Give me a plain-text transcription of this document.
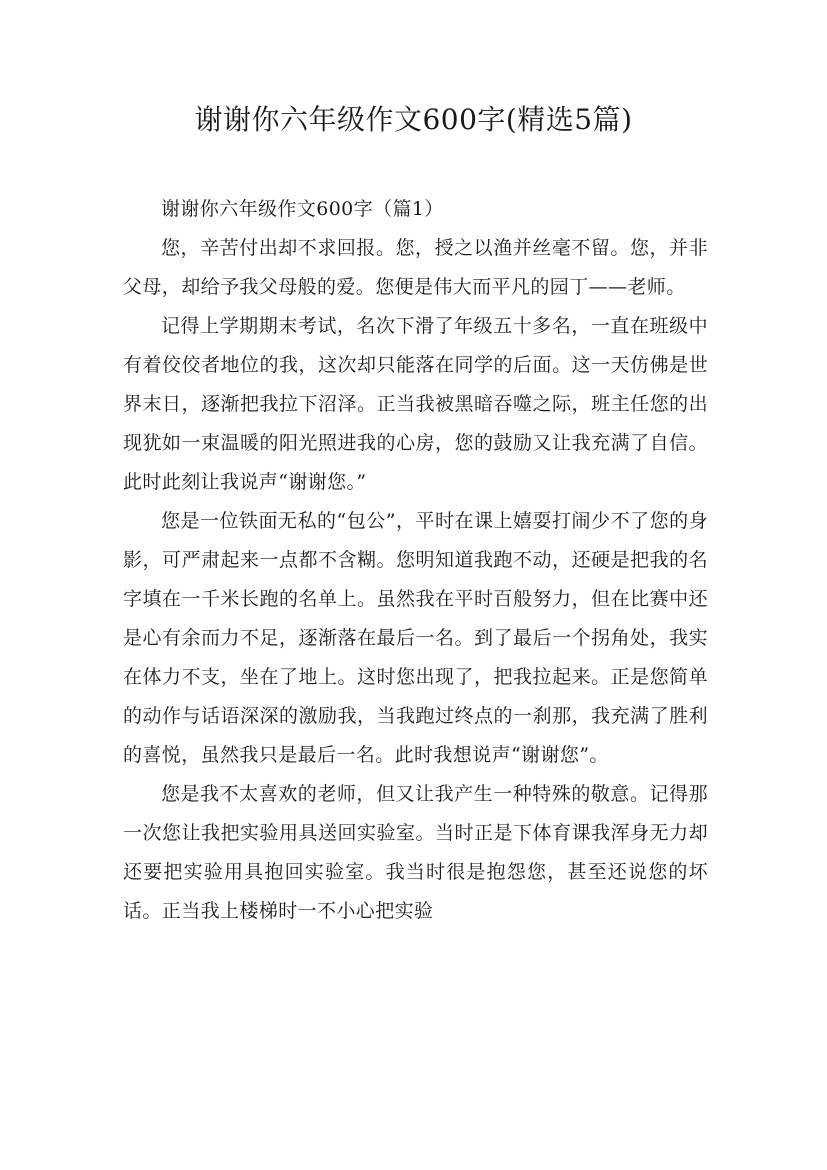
谢谢你六年级作文600字(精选5篇)

谢谢你六年级作文600字（篇1）

您，辛苦付出却不求回报。您，授之以渔并丝毫不留。您，并非父母，却给予我父母般的爱。您便是伟大而平凡的园丁——老师。

记得上学期期末考试，名次下滑了年级五十多名，一直在班级中有着佼佼者地位的我，这次却只能落在同学的后面。这一天仿佛是世界末日，逐渐把我拉下沼泽。正当我被黑暗吞噬之际，班主任您的出现犹如一束温暖的阳光照进我的心房，您的鼓励又让我充满了自信。此时此刻让我说声“谢谢您。”

您是一位铁面无私的“包公”，平时在课上嬉耍打闹少不了您的身影，可严肃起来一点都不含糊。您明知道我跑不动，还硬是把我的名字填在一千米长跑的名单上。虽然我在平时百般努力，但在比赛中还是心有余而力不足，逐渐落在最后一名。到了最后一个拐角处，我实在体力不支，坐在了地上。这时您出现了，把我拉起来。正是您简单的动作与话语深深的激励我，当我跑过终点的一刹那，我充满了胜利的喜悦，虽然我只是最后一名。此时我想说声“谢谢您”。

您是我不太喜欢的老师，但又让我产生一种特殊的敬意。记得那一次您让我把实验用具送回实验室。当时正是下体育课我浑身无力却还要把实验用具抱回实验室。我当时很是抱怨您，甚至还说您的坏话。正当我上楼梯时一不小心把实验
